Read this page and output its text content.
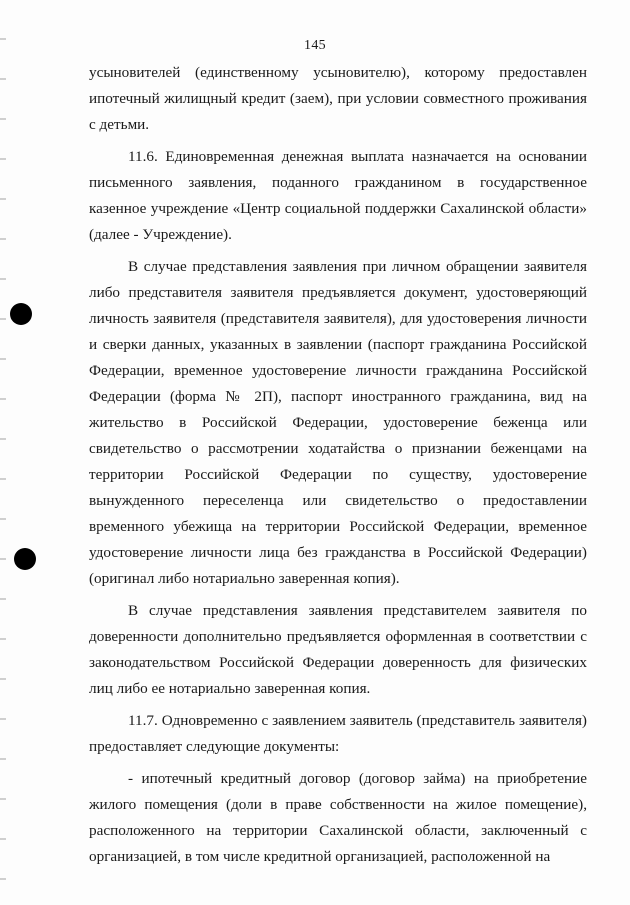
145

усыновителей (единственному усыновителю), которому предоставлен ипотечный жилищный кредит (заем), при условии совместного проживания с детьми.

11.6. Единовременная денежная выплата назначается на основании письменного заявления, поданного гражданином в государственное казенное учреждение «Центр социальной поддержки Сахалинской области» (далее - Учреждение).

В случае представления заявления при личном обращении заявителя либо представителя заявителя предъявляется документ, удостоверяющий личность заявителя (представителя заявителя), для удостоверения личности и сверки данных, указанных в заявлении (паспорт гражданина Российской Федерации, временное удостоверение личности гражданина Российской Федерации (форма № 2П), паспорт иностранного гражданина, вид на жительство в Российской Федерации, удостоверение беженца или свидетельство о рассмотрении ходатайства о признании беженцами на территории Российской Федерации по существу, удостоверение вынужденного переселенца или свидетельство о предоставлении временного убежища на территории Российской Федерации, временное удостоверение личности лица без гражданства в Российской Федерации) (оригинал либо нотариально заверенная копия).

В случае представления заявления представителем заявителя по доверенности дополнительно предъявляется оформленная в соответствии с законодательством Российской Федерации доверенность для физических лиц либо ее нотариально заверенная копия.

11.7. Одновременно с заявлением заявитель (представитель заявителя) предоставляет следующие документы:

- ипотечный кредитный договор (договор займа) на приобретение жилого помещения (доли в праве собственности на жилое помещение), расположенного на территории Сахалинской области, заключенный с организацией, в том числе кредитной организацией, расположенной на
